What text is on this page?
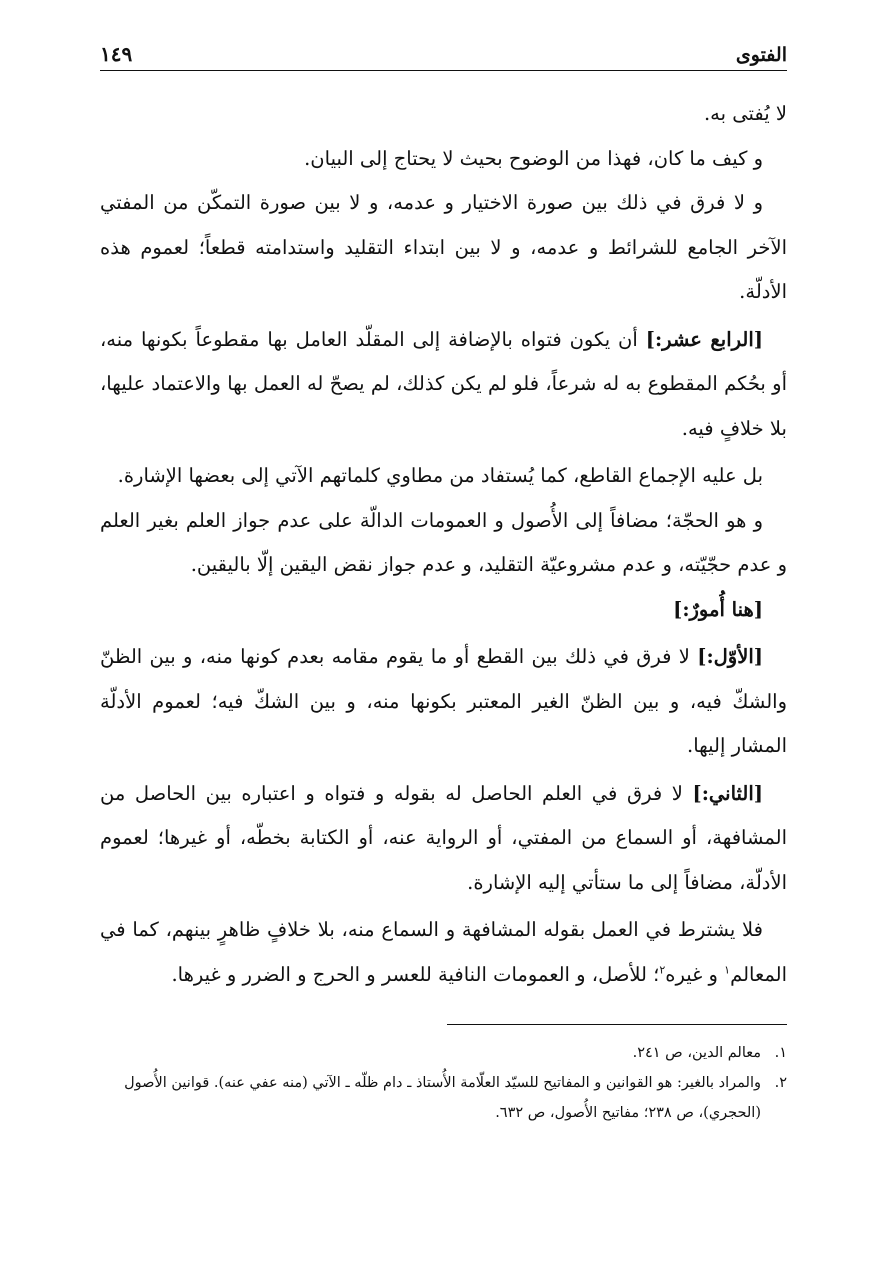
الفتوى
١٤٩

لا يُفتى به.

و كيف ما كان، فهذا من الوضوح بحيث لا يحتاج إلى البيان.

و لا فرق في ذلك بين صورة الاختيار و عدمه، و لا بين صورة التمكّن من المفتي الآخر الجامع للشرائط و عدمه، و لا بين ابتداء التقليد واستدامته قطعاً؛ لعموم هذه الأدلّة.

[الرابع عشر:] أن يكون فتواه بالإضافة إلى المقلّد العامل بها مقطوعاً بكونها منه، أو بحُكم المقطوع به له شرعاً، فلو لم يكن كذلك، لم يصحّ له العمل بها والاعتماد عليها، بلا خلافٍ فيه.

بل عليه الإجماع القاطع، كما يُستفاد من مطاوي كلماتهم الآتي إلى بعضها الإشارة.

و هو الحجّة؛ مضافاً إلى الأُصول و العمومات الدالّة على عدم جواز العلم بغير العلم و عدم حجّيّته، و عدم مشروعيّة التقليد، و عدم جواز نقض اليقين إلّا باليقين.

[هنا أُمورٌ:]

[الأوّل:] لا فرق في ذلك بين القطع أو ما يقوم مقامه بعدم كونها منه، و بين الظنّ والشكّ فيه، و بين الظنّ الغير المعتبر بكونها منه، و بين الشكّ فيه؛ لعموم الأدلّة المشار إليها.

[الثاني:] لا فرق في العلم الحاصل له بقوله و فتواه و اعتباره بين الحاصل من المشافهة، أو السماع من المفتي، أو الرواية عنه، أو الكتابة بخطّه، أو غيرها؛ لعموم الأدلّة، مضافاً إلى ما ستأتي إليه الإشارة.

فلا يشترط في العمل بقوله المشافهة و السماع منه، بلا خلافٍ ظاهرٍ بينهم، كما في المعالم$^١$ و غيره$^٢$؛ للأصل، و العمومات النافية للعسر و الحرج و الضرر و غيرها.

١.
معالم الدين، ص ٢٤١.

٢.
والمراد بالغير: هو القوانين و المفاتيح للسيّد العلّامة الأُستاذ ـ دام ظلّه ـ الآتي (منه عفي عنه). قوانين الأُصول (الحجري)، ص ٢٣٨؛ مفاتيح الأُصول، ص ٦٣٢.
